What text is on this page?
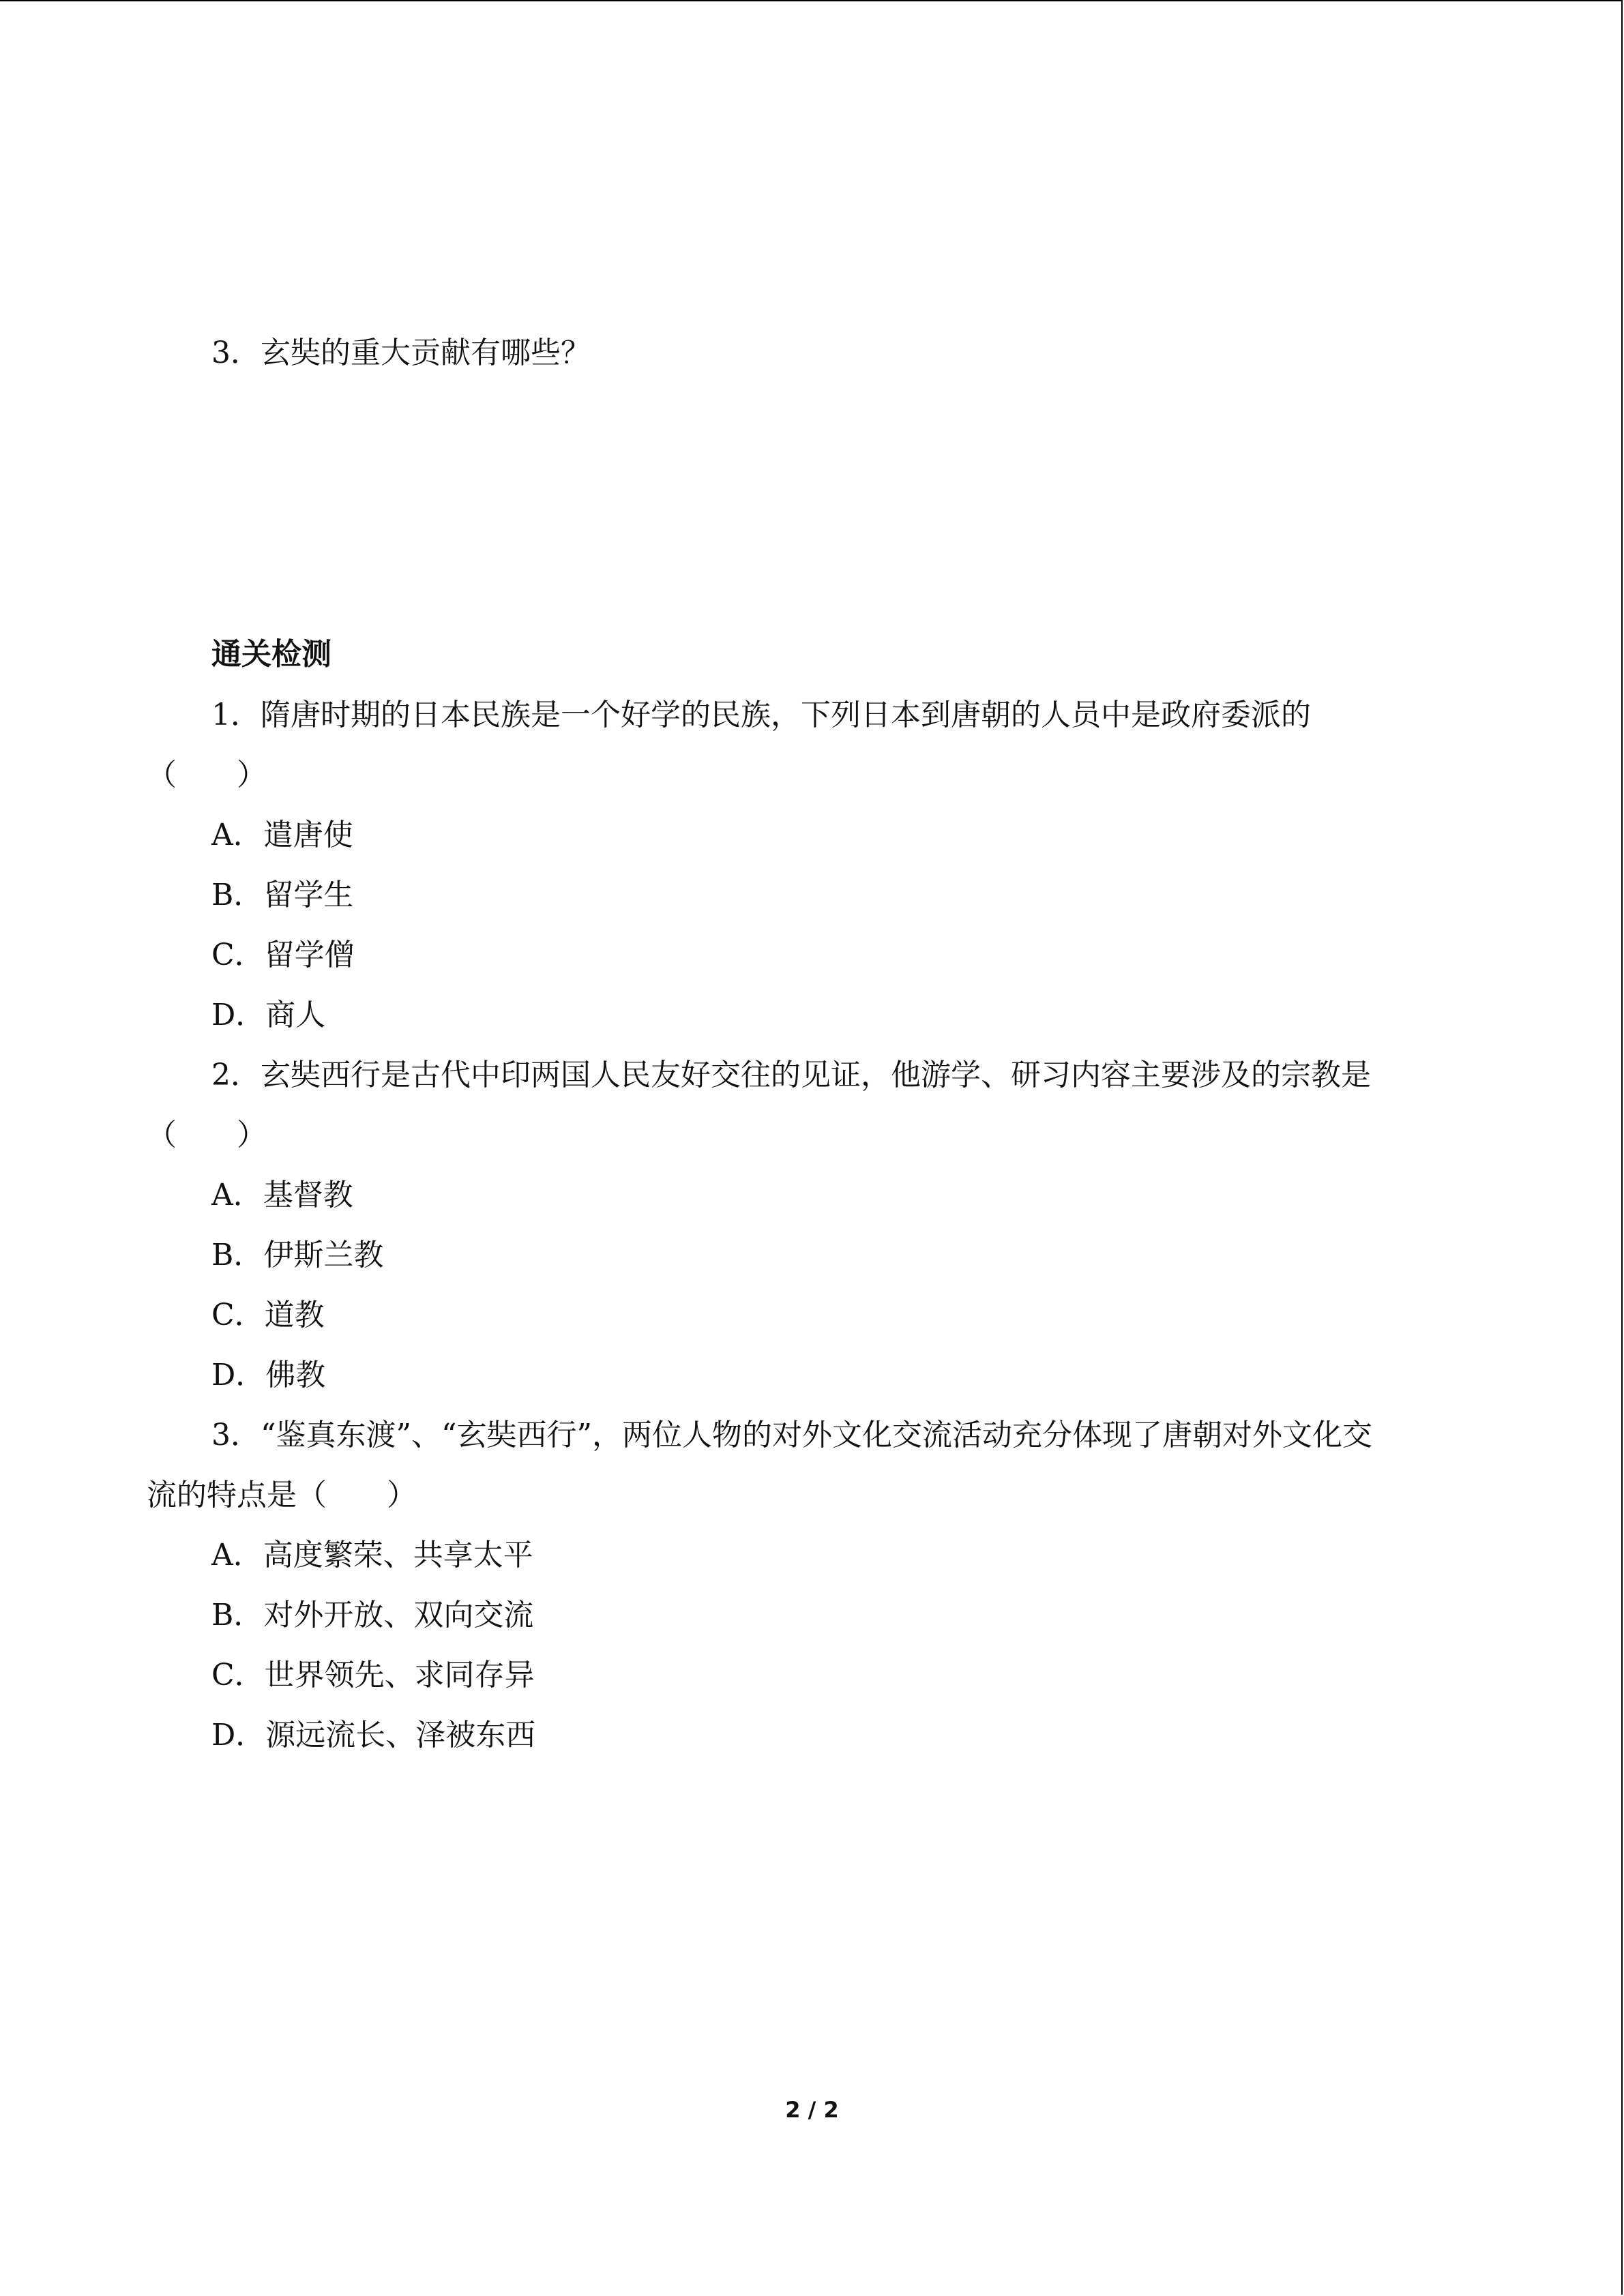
3．玄奘的重大贡献有哪些？
通关检测
1．隋唐时期的日本民族是一个好学的民族，下列日本到唐朝的人员中是政府委派的
（　　）
A．遣唐使
B．留学生
C．留学僧
D．商人
2．玄奘西行是古代中印两国人民友好交往的见证，他游学、研习内容主要涉及的宗教是
（　　）
A．基督教
B．伊斯兰教
C．道教
D．佛教
3．“鉴真东渡”、“玄奘西行”，两位人物的对外文化交流活动充分体现了唐朝对外文化交
流的特点是（　　）
A．高度繁荣、共享太平
B．对外开放、双向交流
C．世界领先、求同存异
D．源远流长、泽被东西
2 / 2
